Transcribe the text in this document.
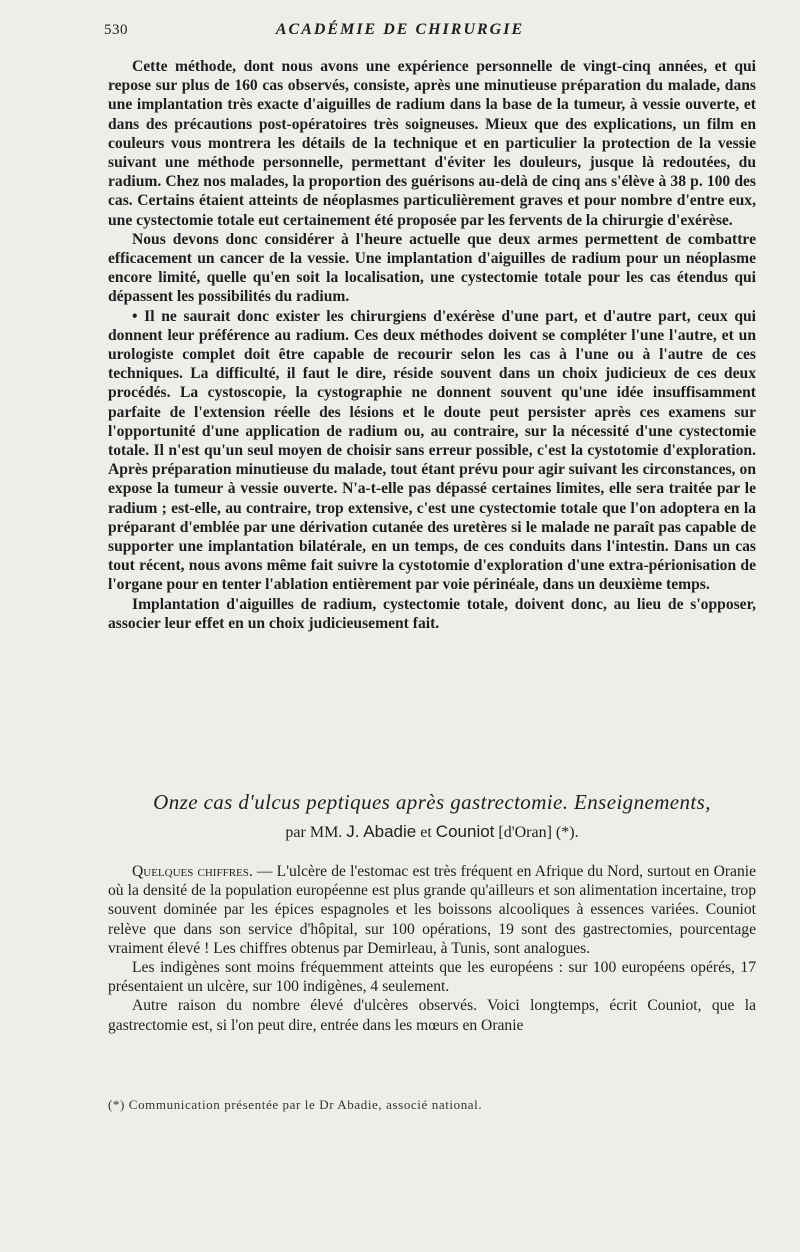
530	ACADÉMIE DE CHIRURGIE

Cette méthode, dont nous avons une expérience personnelle de vingt-cinq années, et qui repose sur plus de 160 cas observés, consiste, après une minutieuse préparation du malade, dans une implantation très exacte d'aiguilles de radium dans la base de la tumeur, à vessie ouverte, et dans des précautions post-opératoires très soigneuses. Mieux que des explications, un film en couleurs vous montrera les détails de la technique et en particulier la protection de la vessie suivant une méthode personnelle, permettant d'éviter les douleurs, jusque là redoutées, du radium. Chez nos malades, la proportion des guérisons au-delà de cinq ans s'élève à 38 p. 100 des cas. Certains étaient atteints de néoplasmes particulièrement graves et pour nombre d'entre eux, une cystectomie totale eut certainement été proposée par les fervents de la chirurgie d'exérèse.

Nous devons donc considérer à l'heure actuelle que deux armes permettent de combattre efficacement un cancer de la vessie. Une implantation d'aiguilles de radium pour un néoplasme encore limité, quelle qu'en soit la localisation, une cystectomie totale pour les cas étendus qui dépassent les possibilités du radium.

• Il ne saurait donc exister les chirurgiens d'exérèse d'une part, et d'autre part, ceux qui donnent leur préférence au radium. Ces deux méthodes doivent se compléter l'une l'autre, et un urologiste complet doit être capable de recourir selon les cas à l'une ou à l'autre de ces techniques. La difficulté, il faut le dire, réside souvent dans un choix judicieux de ces deux procédés. La cystoscopie, la cystographie ne donnent souvent qu'une idée insuffisamment parfaite de l'extension réelle des lésions et le doute peut persister après ces examens sur l'opportunité d'une application de radium ou, au contraire, sur la nécessité d'une cystectomie totale. Il n'est qu'un seul moyen de choisir sans erreur possible, c'est la cystotomie d'exploration. Après préparation minutieuse du malade, tout étant prévu pour agir suivant les circonstances, on expose la tumeur à vessie ouverte. N'a-t-elle pas dépassé certaines limites, elle sera traitée par le radium ; est-elle, au contraire, trop extensive, c'est une cystectomie totale que l'on adoptera en la préparant d'emblée par une dérivation cutanée des uretères si le malade ne paraît pas capable de supporter une implantation bilatérale, en un temps, de ces conduits dans l'intestin. Dans un cas tout récent, nous avons même fait suivre la cystotomie d'exploration d'une extra-périonisation de l'organe pour en tenter l'ablation entièrement par voie périnéale, dans un deuxième temps.

Implantation d'aiguilles de radium, cystectomie totale, doivent donc, au lieu de s'opposer, associer leur effet en un choix judicieusement fait.

Onze cas d'ulcus peptiques après gastrectomie. Enseignements,
par MM. J. Abadie et Couniot [d'Oran] (*).

Quelques chiffres. — L'ulcère de l'estomac est très fréquent en Afrique du Nord, surtout en Oranie où la densité de la population européenne est plus grande qu'ailleurs et son alimentation incertaine, trop souvent dominée par les épices espagnoles et les boissons alcooliques à essences variées. Couniot relève que dans son service d'hôpital, sur 100 opérations, 19 sont des gastrectomies, pourcentage vraiment élevé ! Les chiffres obtenus par Demirleau, à Tunis, sont analogues.

Les indigènes sont moins fréquemment atteints que les européens : sur 100 européens opérés, 17 présentaient un ulcère, sur 100 indigènes, 4 seulement.

Autre raison du nombre élevé d'ulcères observés. Voici longtemps, écrit Couniot, que la gastrectomie est, si l'on peut dire, entrée dans les mœurs en Oranie

(*) Communication présentée par le Dr Abadie, associé national.
